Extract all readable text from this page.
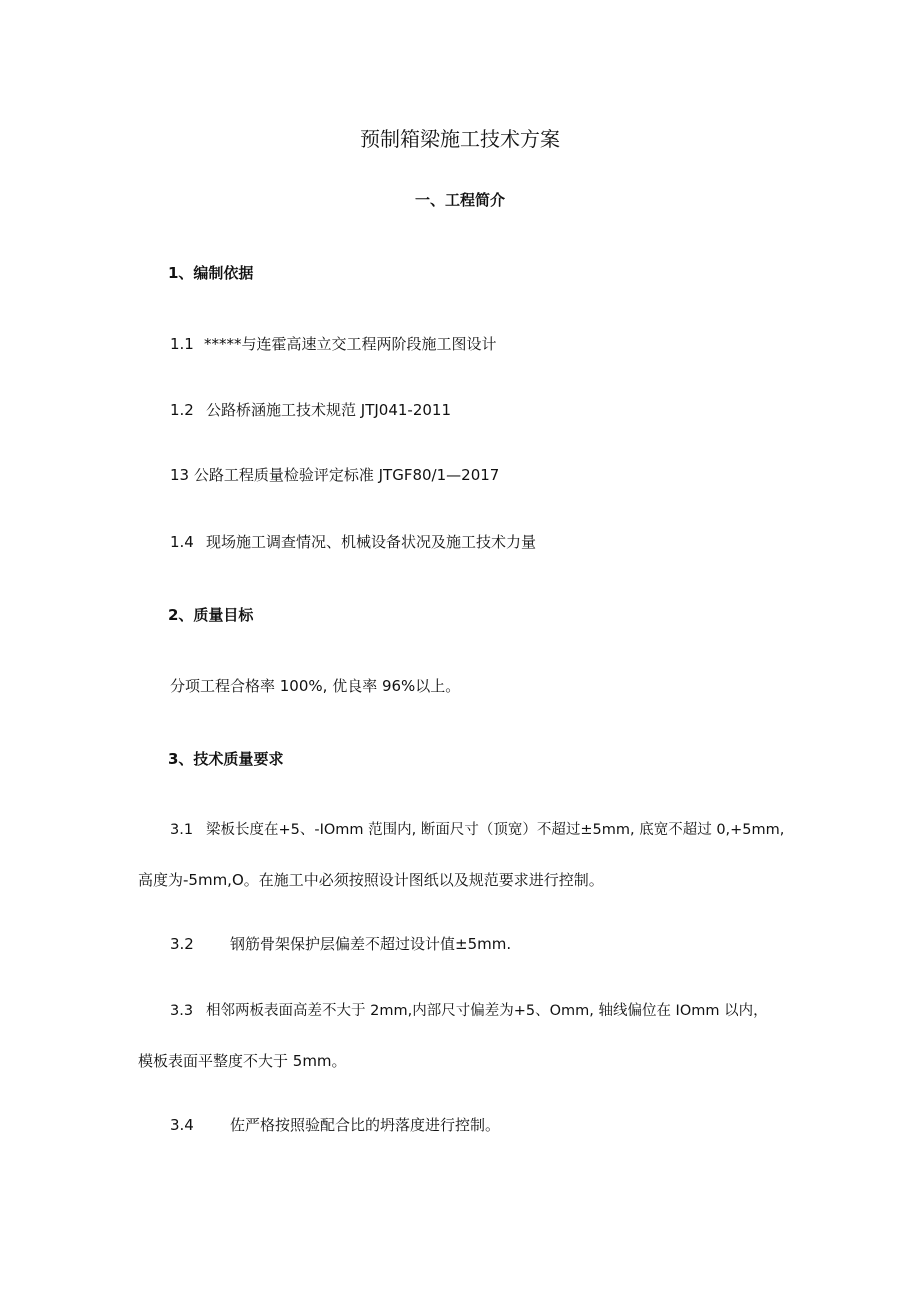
预制箱梁施工技术方案
一、工程简介
1、编制依据
1.1 *****与连霍高速立交工程两阶段施工图设计
1.2 公路桥涵施工技术规范 JTJ041-2011
13 公路工程质量检验评定标准 JTGF80/1—2017
1.4 现场施工调查情况、机械设备状况及施工技术力量
2、质量目标
分项工程合格率 100%, 优良率 96%以上。
3、技术质量要求
3.1 梁板长度在+5、-IOmm 范围内, 断面尺寸（顶宽）不超过±5mm, 底宽不超过 0,+5mm,
高度为-5mm,O。在施工中必须按照设计图纸以及规范要求进行控制。
3.2 钢筋骨架保护层偏差不超过设计值±5mm.
3.3 相邻两板表面高差不大于 2mm,内部尺寸偏差为+5、Omm, 轴线偏位在 IOmm 以内，
模板表面平整度不大于 5mm。
3.4 佐严格按照验配合比的坍落度进行控制。
